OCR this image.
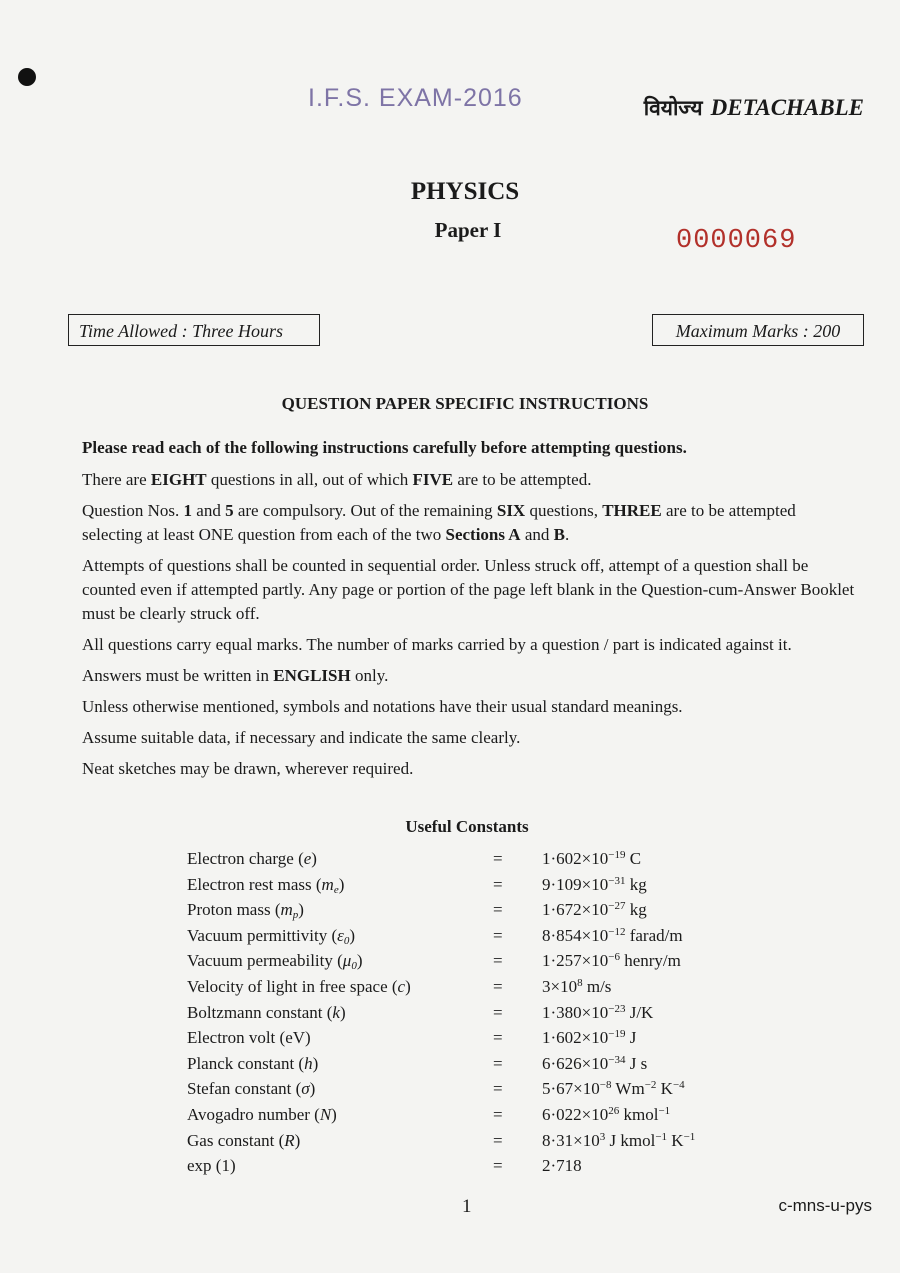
I.F.S. EXAM-2016	वियोज्य DETACHABLE
PHYSICS
Paper I	0000069
Time Allowed : Three Hours	Maximum Marks : 200
QUESTION PAPER SPECIFIC INSTRUCTIONS

Please read each of the following instructions carefully before attempting questions.

There are EIGHT questions in all, out of which FIVE are to be attempted.

Question Nos. 1 and 5 are compulsory. Out of the remaining SIX questions, THREE are to be attempted selecting at least ONE question from each of the two Sections A and B.

Attempts of questions shall be counted in sequential order. Unless struck off, attempt of a question shall be counted even if attempted partly. Any page or portion of the page left blank in the Question-cum-Answer Booklet must be clearly struck off.

All questions carry equal marks. The number of marks carried by a question / part is indicated against it.

Answers must be written in ENGLISH only.

Unless otherwise mentioned, symbols and notations have their usual standard meanings.

Assume suitable data, if necessary and indicate the same clearly.

Neat sketches may be drawn, wherever required.

Useful Constants
Electron charge (e)	= $1\cdot 602\times 10^{-19}$ C
Electron rest mass $(m_e)$	= $9\cdot 109\times 10^{-31}$ kg
Proton mass $(m_p)$	= $1\cdot 672\times 10^{-27}$ kg
Vacuum permittivity $(\varepsilon_0)$	= $8\cdot 854\times 10^{-12}$ farad/m
Vacuum permeability $(\mu_0)$	= $1\cdot 257\times 10^{-6}$ henry/m
Velocity of light in free space (c)	= $3\times 10^8$ m/s
Boltzmann constant (k)	= $1\cdot 380\times 10^{-23}$ J/K
Electron volt (eV)	= $1\cdot 602\times 10^{-19}$ J
Planck constant (h)	= $6\cdot 626\times 10^{-34}$ J s
Stefan constant (σ)	= $5\cdot 67\times 10^{-8}$ $Wm^{-2}$ $K^{-4}$
Avogadro number (N)	= $6\cdot 022\times 10^{26}$ kmol$^{-1}$
Gas constant (R)	= $8\cdot 31\times 10^3$ J kmol$^{-1}$ $K^{-1}$
exp (1)	= 2·718
1	c-mns-u-pys
